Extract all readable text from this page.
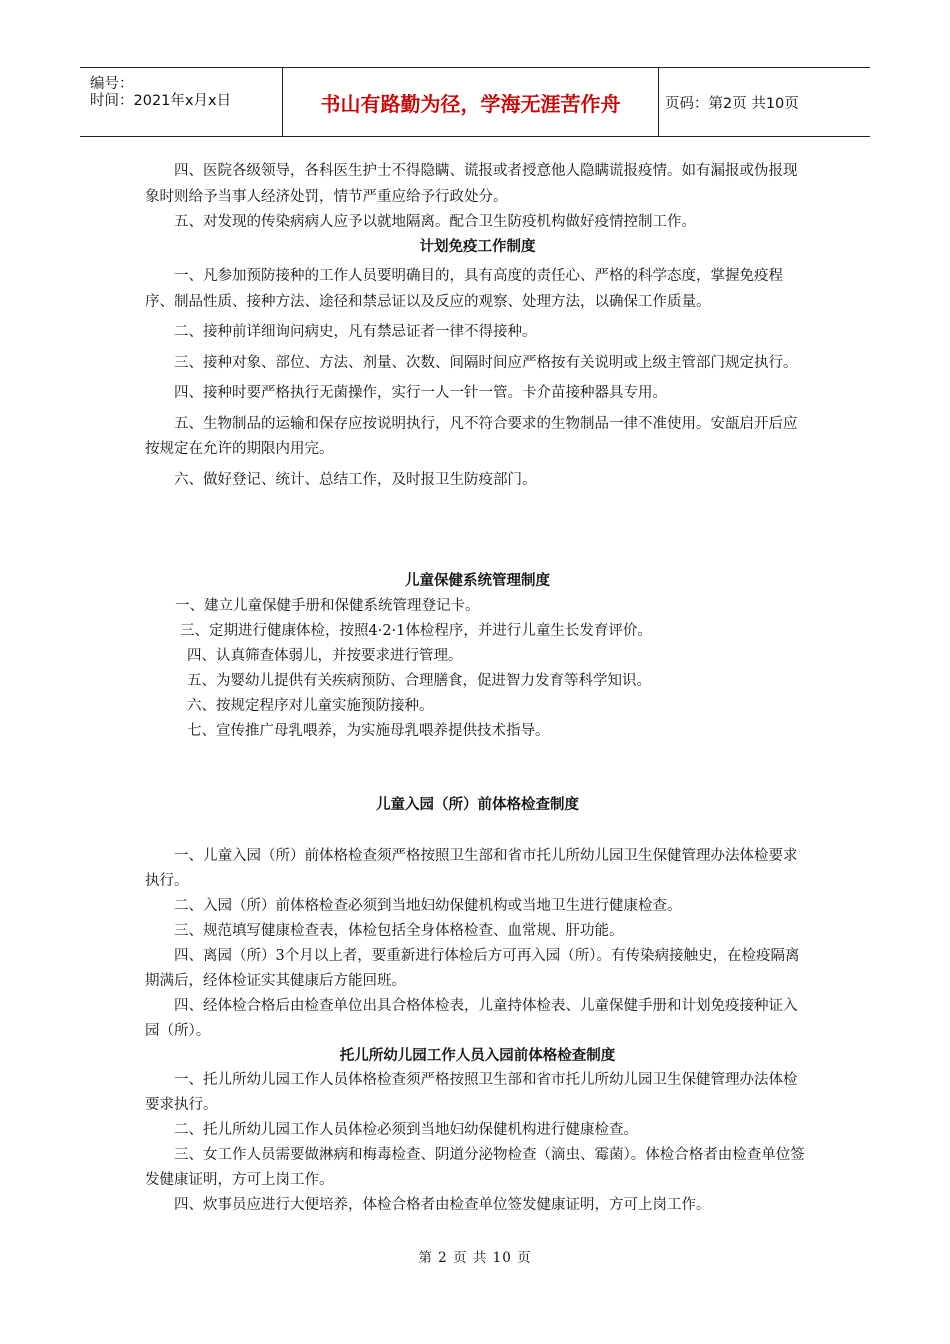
编号：
时间：2021年x月x日	书山有路勤为径，学海无涯苦作舟	页码：第2页 共10页

四、医院各级领导，各科医生护士不得隐瞒、谎报或者授意他人隐瞒谎报疫情。如有漏报或伪报现象时则给予当事人经济处罚，情节严重应给予行政处分。

五、对发现的传染病病人应予以就地隔离。配合卫生防疫机构做好疫情控制工作。

计划免疫工作制度

一、凡参加预防接种的工作人员要明确目的，具有高度的责任心、严格的科学态度，掌握免疫程序、制品性质、接种方法、途径和禁忌证以及反应的观察、处理方法，以确保工作质量。

二、接种前详细询问病史，凡有禁忌证者一律不得接种。

三、接种对象、部位、方法、剂量、次数、间隔时间应严格按有关说明或上级主管部门规定执行。

四、接种时要严格执行无菌操作，实行一人一针一管。卡介苗接种器具专用。

五、生物制品的运输和保存应按说明执行，凡不符合要求的生物制品一律不准使用。安瓿启开后应按规定在允许的期限内用完。

六、做好登记、统计、总结工作，及时报卫生防疫部门。

儿童保健系统管理制度

一、建立儿童保健手册和保健系统管理登记卡。

三、定期进行健康体检，按照4·2·1体检程序，并进行儿童生长发育评价。

四、认真筛查体弱儿，并按要求进行管理。

五、为婴幼儿提供有关疾病预防、合理膳食，促进智力发育等科学知识。

六、按规定程序对儿童实施预防接种。

七、宣传推广母乳喂养，为实施母乳喂养提供技术指导。

儿童入园（所）前体格检查制度

一、儿童入园（所）前体格检查须严格按照卫生部和省市托儿所幼儿园卫生保健管理办法体检要求执行。

二、入园（所）前体格检查必须到当地妇幼保健机构或当地卫生进行健康检查。

三、规范填写健康检查表，体检包括全身体格检查、血常规、肝功能。

四、离园（所）3个月以上者，要重新进行体检后方可再入园（所）。有传染病接触史，在检疫隔离期满后，经体检证实其健康后方能回班。

四、经体检合格后由检查单位出具合格体检表，儿童持体检表、儿童保健手册和计划免疫接种证入园（所）。

托儿所幼儿园工作人员入园前体格检查制度

一、托儿所幼儿园工作人员体格检查须严格按照卫生部和省市托儿所幼儿园卫生保健管理办法体检要求执行。

二、托儿所幼儿园工作人员体检必须到当地妇幼保健机构进行健康检查。

三、女工作人员需要做淋病和梅毒检查、阴道分泌物检查（滴虫、霉菌）。体检合格者由检查单位签发健康证明，方可上岗工作。

四、炊事员应进行大便培养，体检合格者由检查单位签发健康证明，方可上岗工作。

第 2 页 共 10 页
